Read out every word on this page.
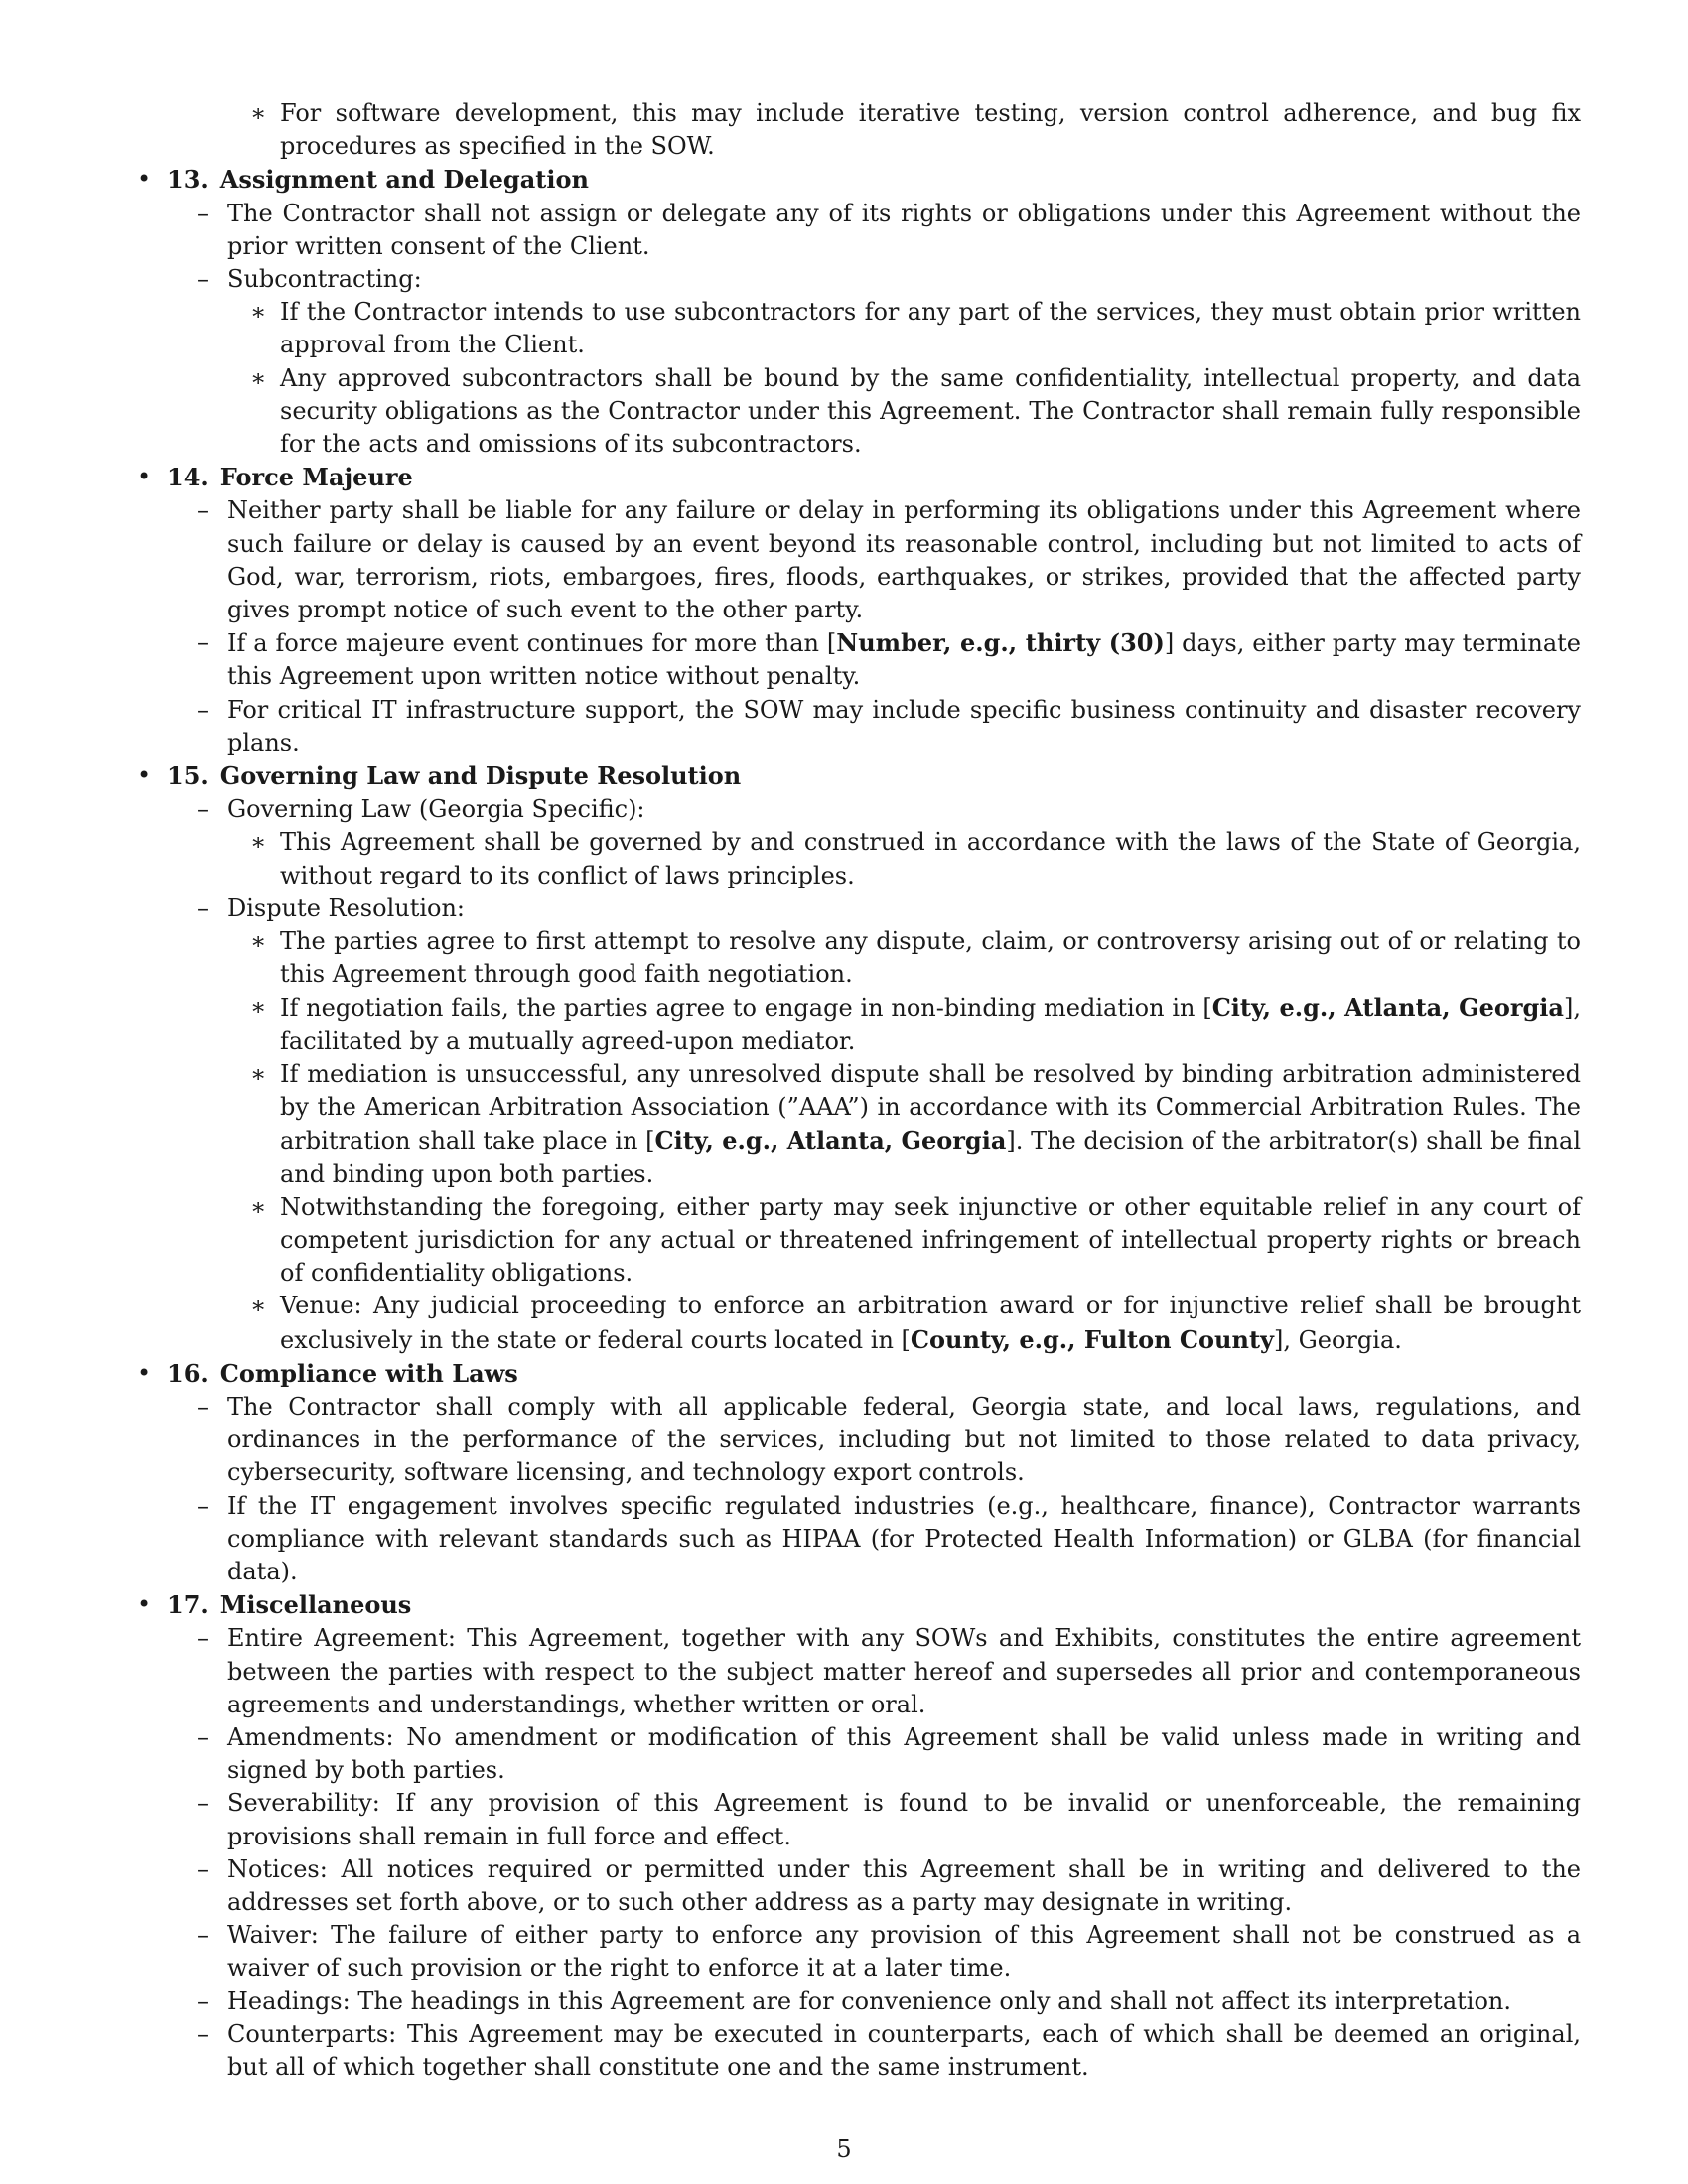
∗ For software development, this may include iterative testing, version control adherence, and bug fix procedures as specified in the SOW.
• 13.  Assignment and Delegation
– The Contractor shall not assign or delegate any of its rights or obligations under this Agreement without the prior written consent of the Client.
– Subcontracting:
∗ If the Contractor intends to use subcontractors for any part of the services, they must obtain prior written approval from the Client.
∗ Any approved subcontractors shall be bound by the same confidentiality, intellectual property, and data security obligations as the Contractor under this Agreement. The Contractor shall remain fully responsible for the acts and omissions of its subcontractors.
• 14.  Force Majeure
– Neither party shall be liable for any failure or delay in performing its obligations under this Agreement where such failure or delay is caused by an event beyond its reasonable control, including but not limited to acts of God, war, terrorism, riots, embargoes, fires, floods, earthquakes, or strikes, provided that the affected party gives prompt notice of such event to the other party.
– If a force majeure event continues for more than [Number, e.g., thirty (30)] days, either party may terminate this Agreement upon written notice without penalty.
– For critical IT infrastructure support, the SOW may include specific business continuity and disaster recovery plans.
• 15.  Governing Law and Dispute Resolution
– Governing Law (Georgia Specific):
∗ This Agreement shall be governed by and construed in accordance with the laws of the State of Georgia, without regard to its conflict of laws principles.
– Dispute Resolution:
∗ The parties agree to first attempt to resolve any dispute, claim, or controversy arising out of or relating to this Agreement through good faith negotiation.
∗ If negotiation fails, the parties agree to engage in non-binding mediation in [City, e.g., Atlanta, Georgia], facilitated by a mutually agreed-upon mediator.
∗ If mediation is unsuccessful, any unresolved dispute shall be resolved by binding arbitration administered by the American Arbitration Association (”AAA”) in accordance with its Commercial Arbitration Rules. The arbitration shall take place in [City, e.g., Atlanta, Georgia]. The decision of the arbitrator(s) shall be final and binding upon both parties.
∗ Notwithstanding the foregoing, either party may seek injunctive or other equitable relief in any court of competent jurisdiction for any actual or threatened infringement of intellectual property rights or breach of confidentiality obligations.
∗ Venue: Any judicial proceeding to enforce an arbitration award or for injunctive relief shall be brought exclusively in the state or federal courts located in [County, e.g., Fulton County], Georgia.
• 16.  Compliance with Laws
– The Contractor shall comply with all applicable federal, Georgia state, and local laws, regulations, and ordinances in the performance of the services, including but not limited to those related to data privacy, cybersecurity, software licensing, and technology export controls.
– If the IT engagement involves specific regulated industries (e.g., healthcare, finance), Contractor warrants compliance with relevant standards such as HIPAA (for Protected Health Information) or GLBA (for financial data).
• 17.  Miscellaneous
– Entire Agreement: This Agreement, together with any SOWs and Exhibits, constitutes the entire agreement between the parties with respect to the subject matter hereof and supersedes all prior and contemporaneous agreements and understandings, whether written or oral.
– Amendments: No amendment or modification of this Agreement shall be valid unless made in writing and signed by both parties.
– Severability: If any provision of this Agreement is found to be invalid or unenforceable, the remaining provisions shall remain in full force and effect.
– Notices: All notices required or permitted under this Agreement shall be in writing and delivered to the addresses set forth above, or to such other address as a party may designate in writing.
– Waiver: The failure of either party to enforce any provision of this Agreement shall not be construed as a waiver of such provision or the right to enforce it at a later time.
– Headings: The headings in this Agreement are for convenience only and shall not affect its interpretation.
– Counterparts: This Agreement may be executed in counterparts, each of which shall be deemed an original, but all of which together shall constitute one and the same instrument.
5
